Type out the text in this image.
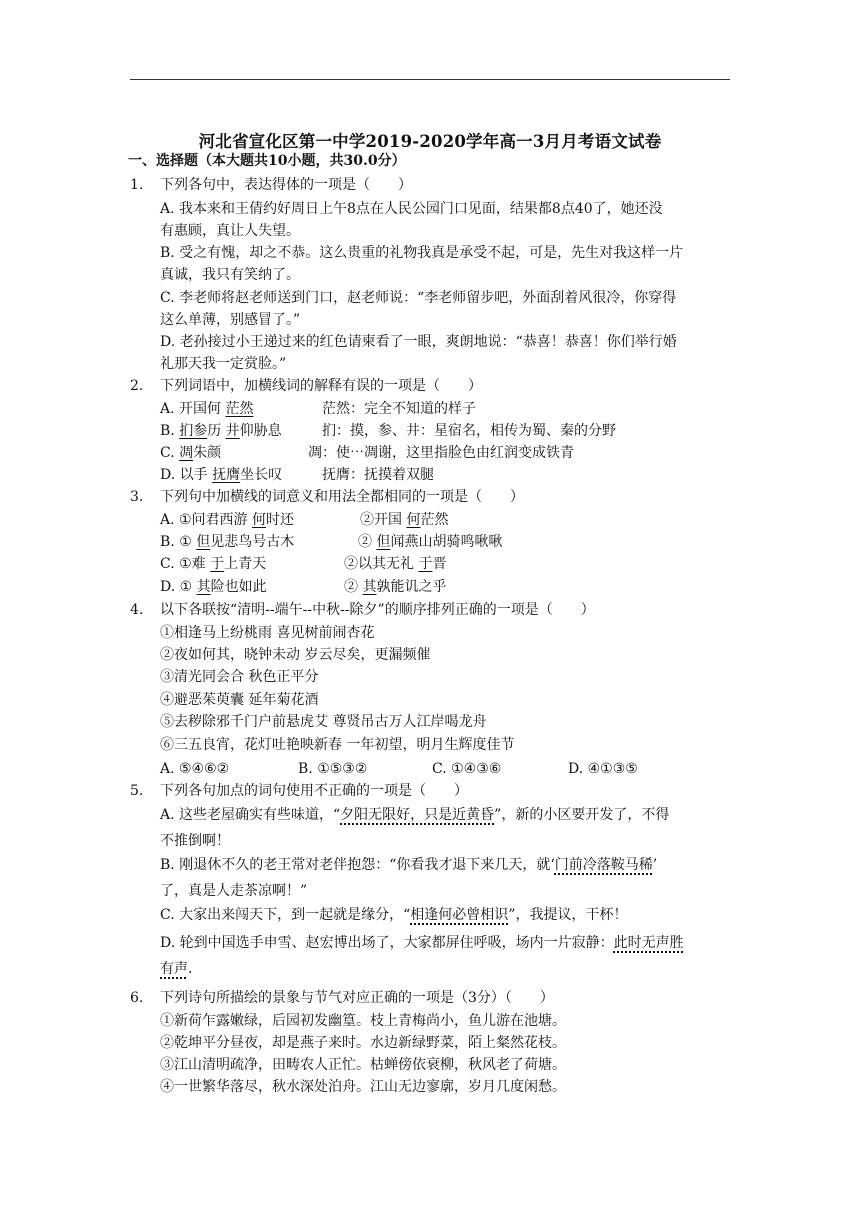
河北省宣化区第一中学2019-2020学年高一3月月考语文试卷
一、选择题（本大题共10小题，共30.0分）
1. 下列各句中，表达得体的一项是（　　）
A. 我本来和王倩约好周日上午8点在人民公园门口见面，结果都8点40了，她还没
有惠顾，真让人失望。
B. 受之有愧，却之不恭。这么贵重的礼物我真是承受不起，可是，先生对我这样一片
真诚，我只有笑纳了。
C. 李老师将赵老师送到门口，赵老师说：“李老师留步吧，外面刮着风很冷，你穿得
这么单薄，别感冒了。”
D. 老孙接过小王递过来的红色请柬看了一眼，爽朗地说：“恭喜！恭喜！你们举行婚
礼那天我一定赏脸。”
2. 下列词语中，加横线词的解释有误的一项是（　　）
A. 开国何 茫然	茫然：完全不知道的样子
B. 扪参历 井仰胁息	扪：摸，参、井：星宿名，相传为蜀、秦的分野
C. 凋朱颜	凋：使⋯凋谢，这里指脸色由红润变成铁青
D. 以手 抚膺坐长叹	抚膺：抚摸着双腿
3. 下列句中加横线的词意义和用法全都相同的一项是（　　）
A. ①问君西游 何时还	②开国 何茫然
B. ① 但见悲鸟号古木	② 但闻燕山胡骑鸣啾啾
C. ①难 于上青天	②以其无礼 于晋
D. ① 其险也如此	② 其孰能讥之乎
4. 以下各联按“清明--端午--中秋--除夕”的顺序排列正确的一项是（　　）
①相逢马上纷桃雨 喜见树前闹杏花
②夜如何其，晓钟未动 岁云尽矣，更漏频催
③清光同会合 秋色正平分
④避恶茱萸囊 延年菊花酒
⑤去秽除邪千门户前悬虎艾 尊贤吊古万人江岸喝龙舟
⑥三五良宵，花灯吐艳映新春 一年初望，明月生辉度佳节
A. ⑤④⑥②	B. ①⑤③②	C. ①④③⑥	D. ④①③⑤
5. 下列各句加点的词句使用不正确的一项是（　　）
A. 这些老屋确实有些味道，“夕阳无限好，只是近黄昏”，新的小区要开发了，不得
不推倒啊！
B. 刚退休不久的老王常对老伴抱怨：“你看我才退下来几天，就‘门前冷落鞍马稀’
了，真是人走茶凉啊！”
C. 大家出来闯天下，到一起就是缘分，“相逢何必曾相识”，我提议，干杯！
D. 轮到中国选手申雪、赵宏博出场了，大家都屏住呼吸，场内一片寂静：此时无声胜
有声.
6. 下列诗句所描绘的景象与节气对应正确的一项是（3分）（　　）
①新荷乍露嫩绿，后园初发幽篁。枝上青梅尚小，鱼儿游在池塘。
②乾坤平分昼夜，却是燕子来时。水边新绿野菜，陌上粲然花枝。
③江山清明疏净，田畴农人正忙。枯蝉傍依衰柳，秋风老了荷塘。
④一世繁华落尽，秋水深处泊舟。江山无边寥廓，岁月几度闲愁。
